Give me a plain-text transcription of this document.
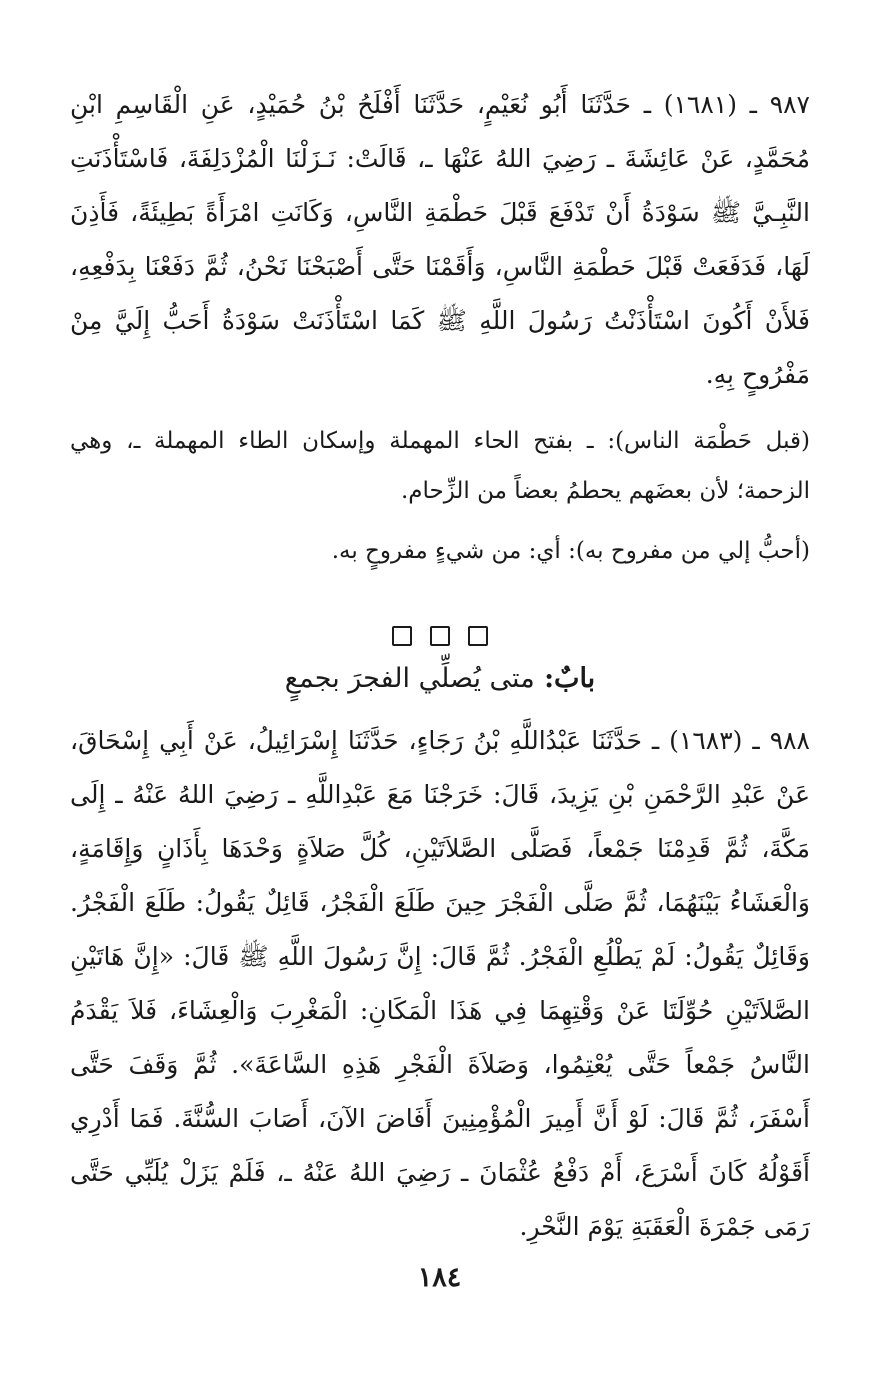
٩٨٧ ـ (١٦٨١) ـ حَدَّثَنَا أَبُو نُعَيْمٍ، حَدَّثَنَا أَفْلَحُ بْنُ حُمَيْدٍ، عَنِ الْقَاسِمِ ابْنِ مُحَمَّدٍ، عَنْ عَائِشَةَ ـ رَضِيَ اللهُ عَنْهَا ـ، قَالَتْ: نَـزَلْنَا الْمُزْدَلِفَةَ، فَاسْتَأْذَنَتِ النَّبِـيَّ ﷺ سَوْدَةُ أَنْ تَدْفَعَ قَبْلَ حَطْمَةِ النَّاسِ، وَكَانَتِ امْرَأَةً بَطِيئَةً، فَأَذِنَ لَهَا، فَدَفَعَتْ قَبْلَ حَطْمَةِ النَّاسِ، وَأَقَمْنَا حَتَّى أَصْبَحْنَا نَحْنُ، ثُمَّ دَفَعْنَا بِدَفْعِهِ، فَلأَنْ أَكُونَ اسْتَأْذَنْتُ رَسُولَ اللَّهِ ﷺ كَمَا اسْتَأْذَنَتْ سَوْدَةُ أَحَبُّ إِلَيَّ مِنْ مَفْرُوحٍ بِهِ.

(قبل حَطْمَة الناس): ـ بفتح الحاء المهملة وإسكان الطاء المهملة ـ، وهي الزحمة؛ لأن بعضَهم يحطمُ بعضاً من الزِّحام.

(أحبُّ إلي من مفروح به): أي: من شيءٍ مفروحٍ به.

بابٌ: متى يُصلِّي الفجرَ بجمعٍ

٩٨٨ ـ (١٦٨٣) ـ حَدَّثَنَا عَبْدُاللَّهِ بْنُ رَجَاءٍ، حَدَّثَنَا إِسْرَائِيلُ، عَنْ أَبِي إِسْحَاقَ، عَنْ عَبْدِ الرَّحْمَنِ بْنِ يَزِيدَ، قَالَ: خَرَجْنَا مَعَ عَبْدِاللَّهِ ـ رَضِيَ اللهُ عَنْهُ ـ إِلَى مَكَّةَ، ثُمَّ قَدِمْنَا جَمْعاً، فَصَلَّى الصَّلاَتَيْنِ، كُلَّ صَلاَةٍ وَحْدَهَا بِأَذَانٍ وَإِقَامَةٍ، وَالْعَشَاءُ بَيْنَهُمَا، ثُمَّ صَلَّى الْفَجْرَ حِينَ طَلَعَ الْفَجْرُ، قَائِلٌ يَقُولُ: طَلَعَ الْفَجْرُ. وَقَائِلٌ يَقُولُ: لَمْ يَطْلُعِ الْفَجْرُ. ثُمَّ قَالَ: إِنَّ رَسُولَ اللَّهِ ﷺ قَالَ: «إِنَّ هَاتَيْنِ الصَّلاَتَيْنِ حُوِّلَتَا عَنْ وَقْتِهِمَا فِي هَذَا الْمَكَانِ: الْمَغْرِبَ وَالْعِشَاءَ، فَلاَ يَقْدَمُ النَّاسُ جَمْعاً حَتَّى يُعْتِمُوا، وَصَلاَةَ الْفَجْرِ هَذِهِ السَّاعَةَ». ثُمَّ وَقَفَ حَتَّى أَسْفَرَ، ثُمَّ قَالَ: لَوْ أَنَّ أَمِيرَ الْمُؤْمِنِينَ أَفَاضَ الآنَ، أَصَابَ السُّنَّةَ. فَمَا أَدْرِي أَقَوْلُهُ كَانَ أَسْرَعَ، أَمْ دَفْعُ عُثْمَانَ ـ رَضِيَ اللهُ عَنْهُ ـ، فَلَمْ يَزَلْ يُلَبِّي حَتَّى رَمَى جَمْرَةَ الْعَقَبَةِ يَوْمَ النَّحْرِ.

١٨٤
